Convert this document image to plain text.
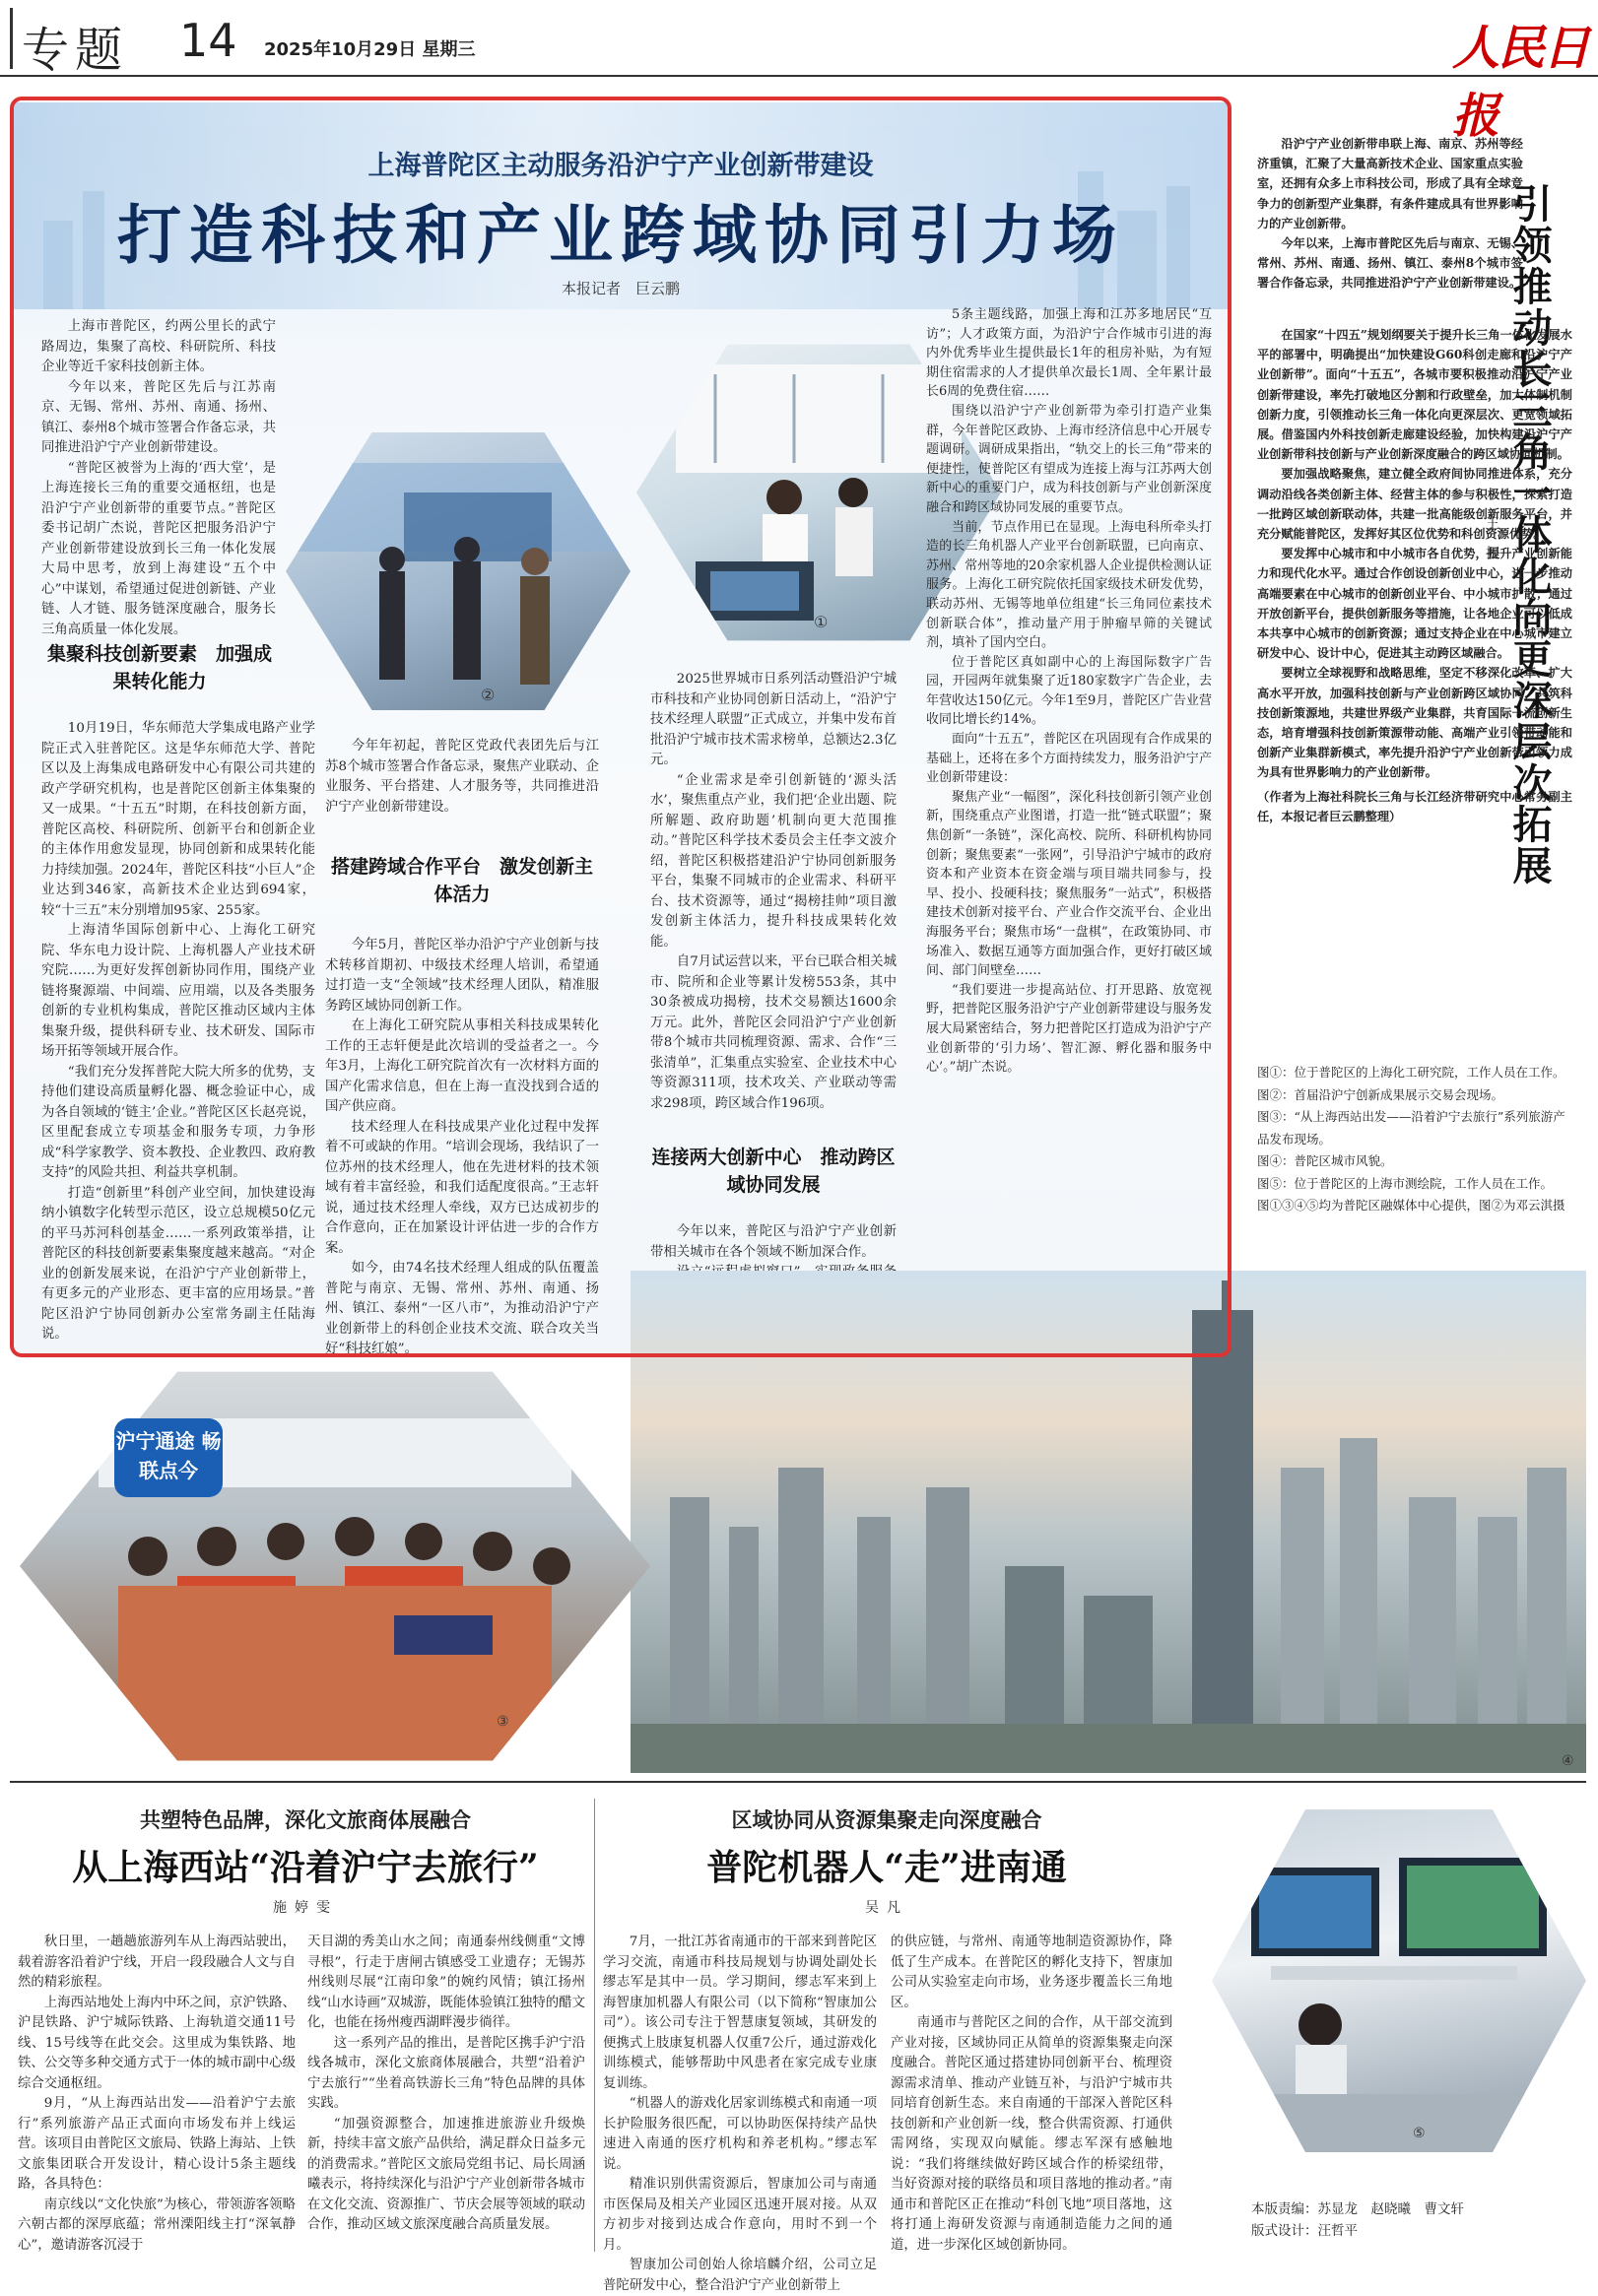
专题 14 2025年10月29日 星期三	人民日报
上海普陀区主动服务沿沪宁产业创新带建设
打造科技和产业跨域协同引力场
本报记者　巨云鹏
②
①

上海市普陀区，约两公里长的武宁路周边，集聚了高校、科研院所、科技企业等近千家科技创新主体。

今年以来，普陀区先后与江苏南京、无锡、常州、苏州、南通、扬州、镇江、泰州8个城市签署合作备忘录，共同推进沿沪宁产业创新带建设。

“普陀区被誉为上海的‘西大堂’，是上海连接长三角的重要交通枢纽，也是沿沪宁产业创新带的重要节点。”普陀区委书记胡广杰说，普陀区把服务沿沪宁产业创新带建设放到长三角一体化发展大局中思考，放到上海建设“五个中心”中谋划，希望通过促进创新链、产业链、人才链、服务链深度融合，服务长三角高质量一体化发展。

集聚科技创新要素　加强成果转化能力

10月19日，华东师范大学集成电路产业学院正式入驻普陀区。这是华东师范大学、普陀区以及上海集成电路研发中心有限公司共建的政产学研究机构，也是普陀区创新主体集聚的又一成果。“十五五”时期，在科技创新方面，普陀区高校、科研院所、创新平台和创新企业的主体作用愈发显现，协同创新和成果转化能力持续加强。2024年，普陀区科技“小巨人”企业达到346家，高新技术企业达到694家，较“十三五”末分别增加95家、255家。

上海清华国际创新中心、上海化工研究院、华东电力设计院、上海机器人产业技术研究院……为更好发挥创新协同作用，围绕产业链将聚源端、中间端、应用端，以及各类服务创新的专业机构集成，普陀区推动区域内主体集聚升级，提供科研专业、技术研发、国际市场开拓等领域开展合作。

“我们充分发挥普陀大院大所多的优势，支持他们建设高质量孵化器、概念验证中心，成为各自领域的‘链主’企业。”普陀区区长赵亮说，区里配套成立专项基金和服务专项，力争形成“科学家教学、资本教投、企业教四、政府教支持”的风险共担、利益共享机制。

打造“创新里”科创产业空间，加快建设海纳小镇数字化转型示范区，设立总规模50亿元的平马苏河科创基金……一系列政策举措，让普陀区的科技创新要素集聚度越来越高。“对企业的创新发展来说，在沿沪宁产业创新带上，有更多元的产业形态、更丰富的应用场景。”普陀区沿沪宁协同创新办公室常务副主任陆海说。

今年年初起，普陀区党政代表团先后与江苏8个城市签署合作备忘录，聚焦产业联动、企业服务、平台搭建、人才服务等，共同推进沿沪宁产业创新带建设。

搭建跨域合作平台　激发创新主体活力

今年5月，普陀区举办沿沪宁产业创新与技术转移首期初、中级技术经理人培训，希望通过打造一支“全领域”技术经理人团队，精准服务跨区域协同创新工作。

在上海化工研究院从事相关科技成果转化工作的王志轩便是此次培训的受益者之一。今年3月，上海化工研究院首次有一次材料方面的国产化需求信息，但在上海一直没找到合适的国产供应商。

技术经理人在科技成果产业化过程中发挥着不可或缺的作用。“培训会现场，我结识了一位苏州的技术经理人，他在先进材料的技术领域有着丰富经验，和我们适配度很高。”王志轩说，通过技术经理人牵线，双方已达成初步的合作意向，正在加紧设计评估进一步的合作方案。

如今，由74名技术经理人组成的队伍覆盖普陀与南京、无锡、常州、苏州、南通、扬州、镇江、泰州“一区八市”，为推动沿沪宁产业创新带上的科创企业技术交流、联合攻关当好“科技红娘”。

2025世界城市日系列活动暨沿沪宁城市科技和产业协同创新日活动上，“沿沪宁技术经理人联盟”正式成立，并集中发布首批沿沪宁城市技术需求榜单，总额达2.3亿元。

“企业需求是牵引创新链的‘源头活水’，聚焦重点产业，我们把‘企业出题、院所解题、政府助题’机制向更大范围推动。”普陀区科学技术委员会主任李文波介绍，普陀区积极搭建沿沪宁协同创新服务平台，集聚不同城市的企业需求、科研平台、技术资源等，通过“揭榜挂帅”项目激发创新主体活力，提升科技成果转化效能。

自7月试运营以来，平台已联合相关城市、院所和企业等累计发榜553条，其中30条被成功揭榜，技术交易额达1600余万元。此外，普陀区会同沿沪宁产业创新带8个城市共同梳理资源、需求、合作“三张清单”，汇集重点实验室、企业技术中心等资源311项，技术攻关、产业联动等需求298项，跨区域合作196项。

连接两大创新中心　推动跨区域协同发展

今年以来，普陀区与沿沪宁产业创新带相关城市在各个领域不断加深合作。

5条主题线路，加强上海和江苏多地居民“互访”；人才政策方面，为沿沪宁合作城市引进的海内外优秀毕业生提供最长1年的租房补贴，为有短期住宿需求的人才提供单次最长1周、全年累计最长6周的免费住宿……

围绕以沿沪宁产业创新带为牵引打造产业集群，今年普陀区政协、上海市经济信息中心开展专题调研。调研成果指出，“轨交上的长三角”带来的便捷性，使普陀区有望成为连接上海与江苏两大创新中心的重要门户，成为科技创新与产业创新深度融合和跨区域协同发展的重要节点。

当前，节点作用已在显现。上海电科所牵头打造的长三角机器人产业平台创新联盟，已向南京、苏州、常州等地的20余家机器人企业提供检测认证服务。上海化工研究院依托国家级技术研发优势，联动苏州、无锡等地单位组建“长三角同位素技术创新联合体”，推动量产用于肿瘤早筛的关键试剂，填补了国内空白。

位于普陀区真如副中心的上海国际数字广告园，开园两年就集聚了近180家数字广告企业，去年营收达150亿元。今年1至9月，普陀区广告业营收同比增长约14%。

面向“十五五”，普陀区在巩固现有合作成果的基础上，还将在多个方面持续发力，服务沿沪宁产业创新带建设：

聚焦产业“一幅图”，深化科技创新引领产业创新，围绕重点产业图谱，打造一批“链式联盟”；聚焦创新“一条链”，深化高校、院所、科研机构协同创新；聚焦要素“一张网”，引导沿沪宁城市的政府资本和产业资本在资金端与项目端共同参与，投早、投小、投硬科技；聚焦服务“一站式”，积极搭建技术创新对接平台、产业合作交流平台、企业出海服务平台；聚焦市场“一盘棋”，在政策协同、市场准入、数据互通等方面加强合作，更好打破区域间、部门间壁垒……

“我们要进一步提高站位、打开思路、放宽视野，把普陀区服务沿沪宁产业创新带建设与服务发展大局紧密结合，努力把普陀区打造成为沿沪宁产业创新带的‘引力场’、智汇源、孵化器和服务中心’。”胡广杰说。

沿沪宁产业创新带串联上海、南京、苏州等经济重镇，汇聚了大量高新技术企业、国家重点实验室，还拥有众多上市科技公司，形成了具有全球竞争力的创新型产业集群，有条件建成具有世界影响力的产业创新带。

今年以来，上海市普陀区先后与南京、无锡、常州、苏州、南通、扬州、镇江、泰州8个城市签署合作备忘录，共同推进沿沪宁产业创新带建设。

引领推动长三角一体化向更深层次拓展
王振

在国家“十四五”规划纲要关于提升长三角一体化发展水平的部署中，明确提出“加快建设G60科创走廊和沿沪宁产业创新带”。面向“十五五”，各城市要积极推动沿沪宁产业创新带建设，率先打破地区分割和行政壁垒，加大体制机制创新力度，引领推动长三角一体化向更深层次、更宽领域拓展。借鉴国内外科技创新走廊建设经验，加快构建沿沪宁产业创新带科技创新与产业创新深度融合的跨区域协同机制。

要加强战略聚焦，建立健全政府间协同推进体系，充分调动沿线各类创新主体、经营主体的参与积极性，探索打造一批跨区域创新联动体，共建一批高能级创新服务平台，并充分赋能普陀区，发挥好其区位优势和科创资源优势。

要发挥中心城市和中小城市各自优势，提升产业创新能力和现代化水平。通过合作创设创新创业中心，进一步推动高端要素在中心城市的创新创业平台、中小城市扩散；通过开放创新平台，提供创新服务等措施，让各地企业可以低成本共享中心城市的创新资源；通过支持企业在中心城市建立研发中心、设计中心，促进其主动跨区域融合。

要树立全球视野和战略思维，坚定不移深化改革、扩大高水平开放，加强科技创新与产业创新跨区域协同，共筑科技创新策源地，共建世界级产业集群，共育国际一流创新生态，培育增强科技创新策源带动能、高端产业引领带动能和创新产业集群新模式，率先提升沿沪宁产业创新带引领力成为具有世界影响力的产业创新带。

（作者为上海社科院长三角与长江经济带研究中心常务副主任，本报记者巨云鹏整理）

图①：位于普陀区的上海化工研究院，工作人员在工作。
图②：首届沿沪宁创新成果展示交易会现场。
图③：“从上海西站出发——沿着沪宁去旅行”系列旅游产品发布现场。
图④：普陀区城市风貌。
图⑤：位于普陀区的上海市测绘院，工作人员在工作。
图①③④⑤均为普陀区融媒体中心提供，图②为邓云淇摄
④
沪宁通途 畅联点今
③
共塑特色品牌，深化文旅商体展融合
从上海西站“沿着沪宁去旅行”
施婷雯

秋日里，一趟趟旅游列车从上海西站驶出，载着游客沿着沪宁线，开启一段段融合人文与自然的精彩旅程。

上海西站地处上海内中环之间，京沪铁路、沪昆铁路、沪宁城际铁路、上海轨道交通11号线、15号线等在此交会。这里成为集铁路、地铁、公交等多种交通方式于一体的城市副中心级综合交通枢纽。

9月，“从上海西站出发——沿着沪宁去旅行”系列旅游产品正式面向市场发布并上线运营。该项目由普陀区文旅局、铁路上海站、上铁文旅集团联合开发设计，精心设计5条主题线路，各具特色：

南京线以“文化快旅”为核心，带领游客领略六朝古都的深厚底蕴；常州溧阳线主打“深氧静心”，邀请游客沉浸于

天目湖的秀美山水之间；南通泰州线侧重“文博寻根”，行走于唐闸古镇感受工业遗存；无锡苏州线则尽展“江南印象”的婉约风情；镇江扬州线“山水诗画”双城游，既能体验镇江独特的醋文化，也能在扬州瘦西湖畔漫步徜徉。

这一系列产品的推出，是普陀区携手沪宁沿线各城市，深化文旅商体展融合，共塑“沿着沪宁去旅行”“坐着高铁游长三角”特色品牌的具体实践。

“加强资源整合，加速推进旅游业升级焕新，持续丰富文旅产品供给，满足群众日益多元的消费需求。”普陀区文旅局党组书记、局长周涵曦表示，将持续深化与沿沪宁产业创新带各城市在文化交流、资源推广、节庆会展等领域的联动合作，推动区域文旅深度融合高质量发展。

区域协同从资源集聚走向深度融合
普陀机器人“走”进南通
吴凡

7月，一批江苏省南通市的干部来到普陀区学习交流，南通市科技局规划与协调处副处长缪志军是其中一员。学习期间，缪志军来到上海智康加机器人有限公司（以下简称“智康加公司”）。该公司专注于智慧康复领域，其研发的便携式上肢康复机器人仅重7公斤，通过游戏化训练模式，能够帮助中风患者在家完成专业康复训练。

“机器人的游戏化居家训练模式和南通一项长护险服务很匹配，可以协助医保持续产品快速进入南通的医疗机构和养老机构。”缪志军说。

精准识别供需资源后，智康加公司与南通市医保局及相关产业园区迅速开展对接。从双方初步对接到达成合作意向，用时不到一个月。

智康加公司创始人徐培麟介绍，公司立足普陀研发中心，整合沿沪宁产业创新带上

的供应链，与常州、南通等地制造资源协作，降低了生产成本。在普陀区的孵化支持下，智康加公司从实验室走向市场，业务逐步覆盖长三角地区。

南通市与普陀区之间的合作，从干部交流到产业对接，区域协同正从简单的资源集聚走向深度融合。普陀区通过搭建协同创新平台、梳理资源需求清单、推动产业链互补，与沿沪宁城市共同培育创新生态。来自南通的干部深入普陀区科技创新和产业创新一线，整合供需资源、打通供需网络，实现双向赋能。缪志军深有感触地说：“我们将继续做好跨区域合作的桥梁纽带，当好资源对接的联络员和项目落地的推动者。”南通市和普陀区正在推动“科创飞地”项目落地，这将打通上海研发资源与南通制造能力之间的通道，进一步深化区域创新协同。

⑤
本版责编：苏显龙　赵晓曦　曹文轩
版式设计：汪哲平
